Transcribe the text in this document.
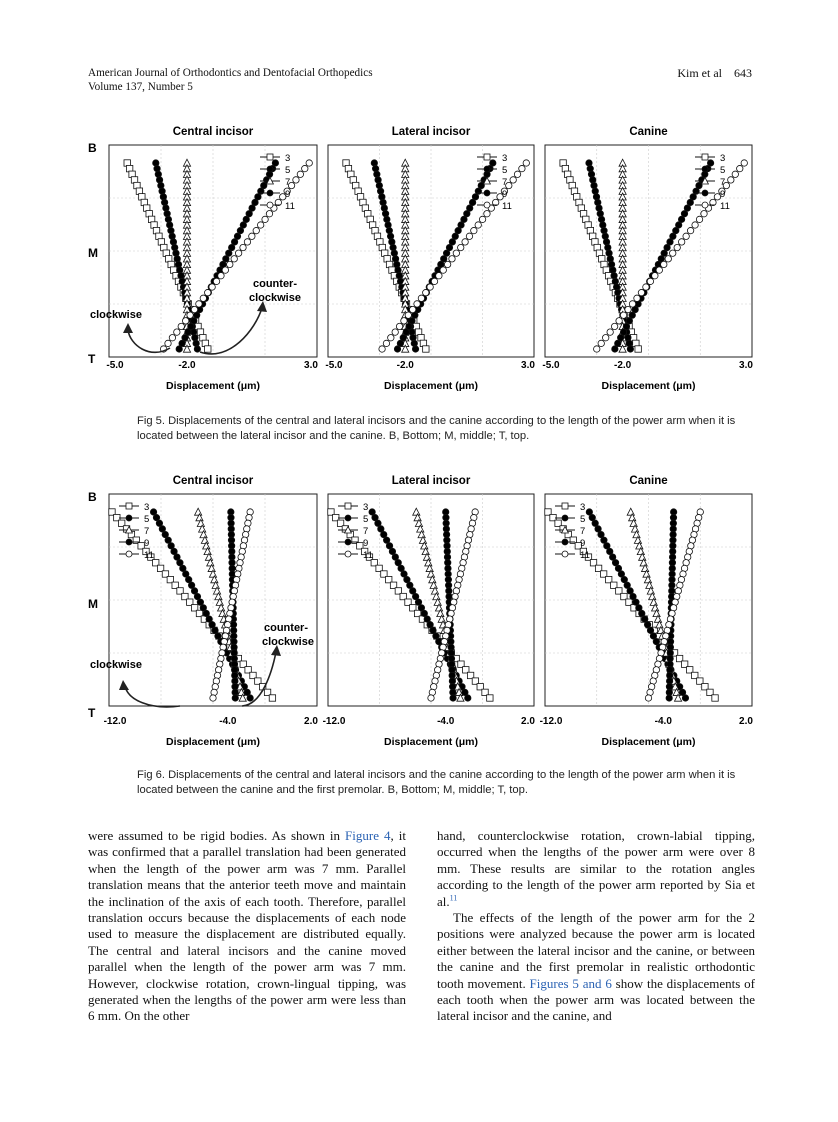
American Journal of Orthodontics and Dentofacial Orthopedics
Volume 137, Number 5
Kim et al 643
B
M
T
Central incisor
3
5
7
9
11
-5.0	-2.0	3.0
Displacement (μm)
Lateral incisor
3
5
7
9
11
-5.0	-2.0	3.0
Displacement (μm)
Canine
3
5
7
9
11
-5.0	-2.0	3.0
Displacement (μm)
clockwise
counter-
clockwise
B
M
T
Central incisor
3
5
7
9
11
-12.0	-4.0	2.0
Displacement (μm)
Lateral incisor
3
5
7
9
11
-12.0	-4.0	2.0
Displacement (μm)
Canine
3
5
7
9
11
-12.0	-4.0	2.0
Displacement (μm)
clockwise
counter-
clockwise
Fig 5. Displacements of the central and lateral incisors and the canine according to the length of the power arm when it is located between the lateral incisor and the canine. B, Bottom; M, middle; T, top.
Fig 6. Displacements of the central and lateral incisors and the canine according to the length of the power arm when it is located between the canine and the first premolar. B, Bottom; M, middle; T, top.

were assumed to be rigid bodies. As shown in Figure 4, it was confirmed that a parallel translation had been generated when the length of the power arm was 7 mm. Parallel translation means that the anterior teeth move and maintain the inclination of the axis of each tooth. Therefore, parallel translation occurs because the displacements of each node used to measure the displacement are distributed equally. The central and lateral incisors and the canine moved parallel when the length of the power arm was 7 mm. However, clockwise rotation, crown-lingual tipping, was generated when the lengths of the power arm were less than 6 mm. On the other

hand, counterclockwise rotation, crown-labial tipping, occurred when the lengths of the power arm were over 8 mm. These results are similar to the rotation angles according to the length of the power arm reported by Sia et al.$^{11}$

The effects of the length of the power arm for the 2 positions were analyzed because the power arm is located either between the lateral incisor and the canine, or between the canine and the first premolar in realistic orthodontic tooth movement. Figures 5 and 6 show the displacements of each tooth when the power arm was located between the lateral incisor and the canine, and
